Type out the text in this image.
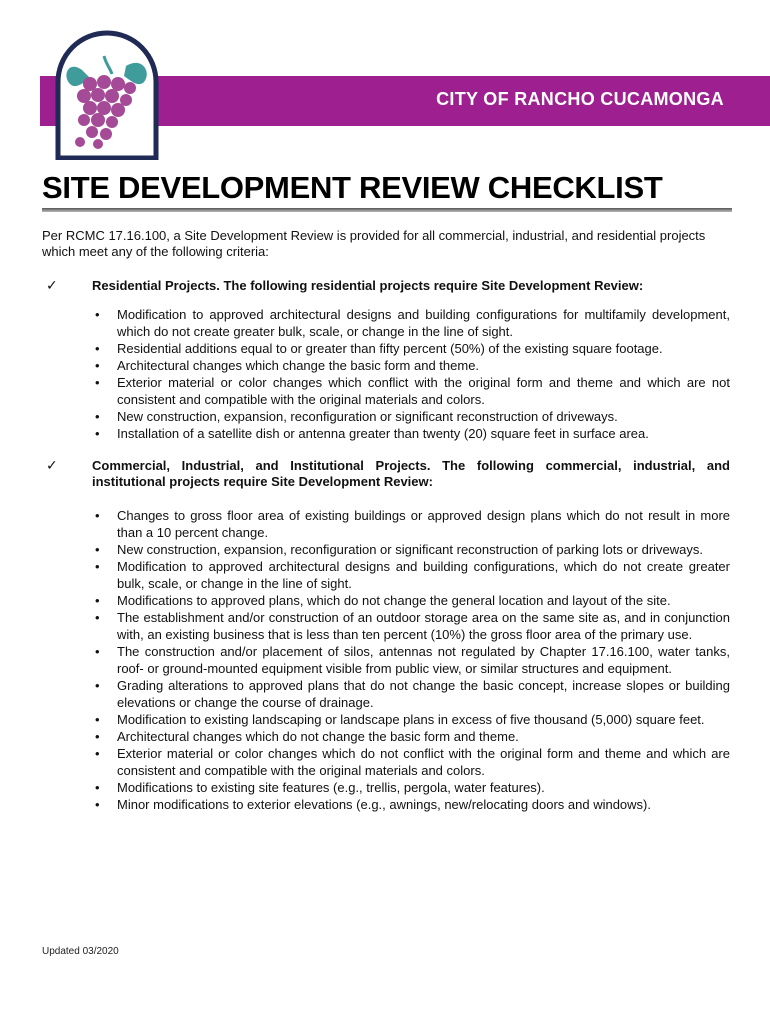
CITY OF RANCHO CUCAMONGA
SITE DEVELOPMENT REVIEW CHECKLIST

Per RCMC 17.16.100, a Site Development Review is provided for all commercial, industrial, and residential projects which meet any of the following criteria:

✓	Residential Projects. The following residential projects require Site Development Review:
• Modification to approved architectural designs and building configurations for multifamily development, which do not create greater bulk, scale, or change in the line of sight.
• Residential additions equal to or greater than fifty percent (50%) of the existing square footage.
• Architectural changes which change the basic form and theme.
• Exterior material or color changes which conflict with the original form and theme and which are not consistent and compatible with the original materials and colors.
• New construction, expansion, reconfiguration or significant reconstruction of driveways.
• Installation of a satellite dish or antenna greater than twenty (20) square feet in surface area.
✓	Commercial, Industrial, and Institutional Projects. The following commercial, industrial, and institutional projects require Site Development Review:
• Changes to gross floor area of existing buildings or approved design plans which do not result in more than a 10 percent change.
• New construction, expansion, reconfiguration or significant reconstruction of parking lots or driveways.
• Modification to approved architectural designs and building configurations, which do not create greater bulk, scale, or change in the line of sight.
• Modifications to approved plans, which do not change the general location and layout of the site.
• The establishment and/or construction of an outdoor storage area on the same site as, and in conjunction with, an existing business that is less than ten percent (10%) the gross floor area of the primary use.
• The construction and/or placement of silos, antennas not regulated by Chapter 17.16.100, water tanks, roof- or ground-mounted equipment visible from public view, or similar structures and equipment.
• Grading alterations to approved plans that do not change the basic concept, increase slopes or building elevations or change the course of drainage.
• Modification to existing landscaping or landscape plans in excess of five thousand (5,000) square feet.
• Architectural changes which do not change the basic form and theme.
• Exterior material or color changes which do not conflict with the original form and theme and which are consistent and compatible with the original materials and colors.
• Modifications to existing site features (e.g., trellis, pergola, water features).
• Minor modifications to exterior elevations (e.g., awnings, new/relocating doors and windows).
Updated 03/2020
